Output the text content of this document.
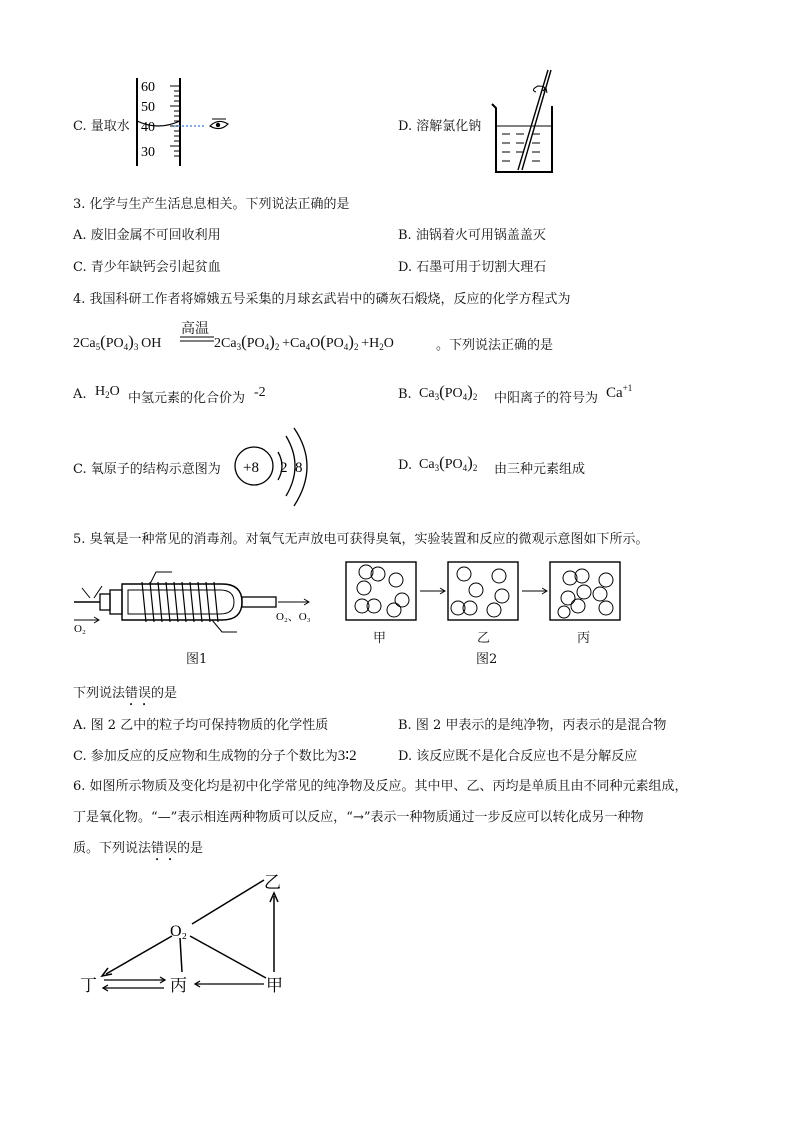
C. 量取水
60
50
40
30
D. 溶解氯化钠
3. 化学与生产生活息息相关。下列说法正确的是
A. 废旧金属不可回收利用	B. 油锅着火可用锅盖盖灭
C. 青少年缺钙会引起贫血	D. 石墨可用于切割大理石
4. 我国科研工作者将嫦娥五号采集的月球玄武岩中的磷灰石煅烧，反应的化学方程式为
$2Ca_5(PO_4)_3$ OH
高温
$2Ca_3(PO_4)_2 +Ca_4O(PO_4)_2 +H_2O$	。下列说法正确的是
A. $H_2O$ 中氢元素的化合价为 -2	B. $Ca_3(PO_4)_2$ 中阳离子的符号为 $Ca^{+1}$
C. 氧原子的结构示意图为 +8 2 8	D. $Ca_3(PO_4)_2$ 由三种元素组成
5. 臭氧是一种常见的消毒剂。对氧气无声放电可获得臭氧，实验装置和反应的微观示意图如下所示。
O₂
O₂、O₃
图1
甲	乙	丙
图2
下列说法错误的是
A. 图 2 乙中的粒子均可保持物质的化学性质	B. 图 2 甲表示的是纯净物，丙表示的是混合物
C. 参加反应的反应物和生成物的分子个数比为3∶2	D. 该反应既不是化合反应也不是分解反应
6. 如图所示物质及变化均是初中化学常见的纯净物及反应。其中甲、乙、丙均是单质且由不同种元素组成，
丁是氧化物。“—”表示相连两种物质可以反应，“→”表示一种物质通过一步反应可以转化成另一种物
质。下列说法错误的是
乙
O₂
丁	丙	甲
